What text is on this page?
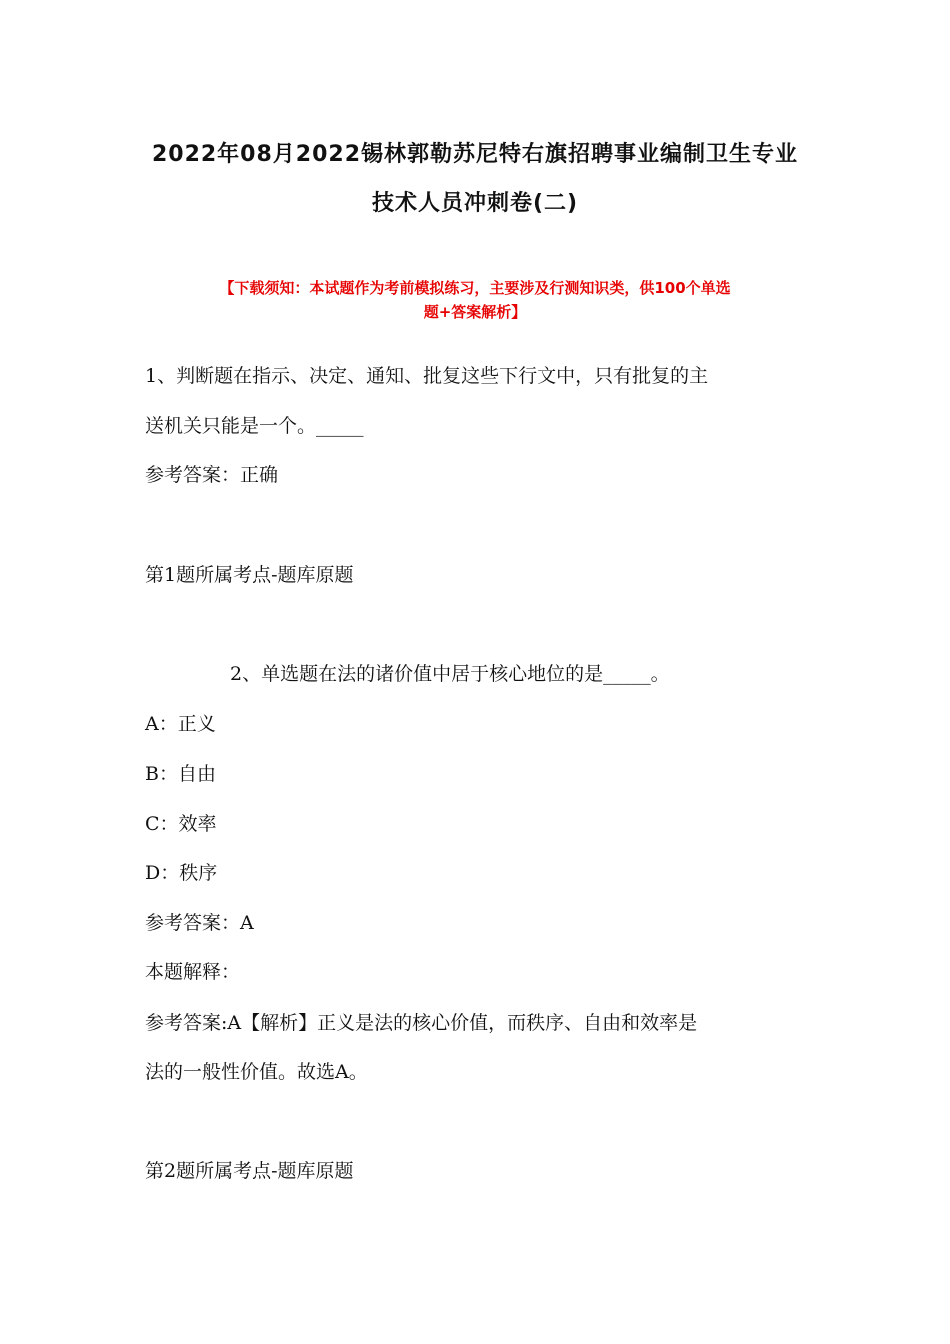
2022年08月2022锡林郭勒苏尼特右旗招聘事业编制卫生专业
技术人员冲刺卷(二)
【下载须知：本试题作为考前模拟练习，主要涉及行测知识类，供100个单选
题+答案解析】
1、判断题在指示、决定、通知、批复这些下行文中，只有批复的主
送机关只能是一个。_____
参考答案：正确
第1题所属考点-题库原题
2、单选题在法的诸价值中居于核心地位的是_____。
A：正义
B：自由
C：效率
D：秩序
参考答案：A
本题解释：
参考答案:A【解析】正义是法的核心价值，而秩序、自由和效率是
法的一般性价值。故选A。
第2题所属考点-题库原题
